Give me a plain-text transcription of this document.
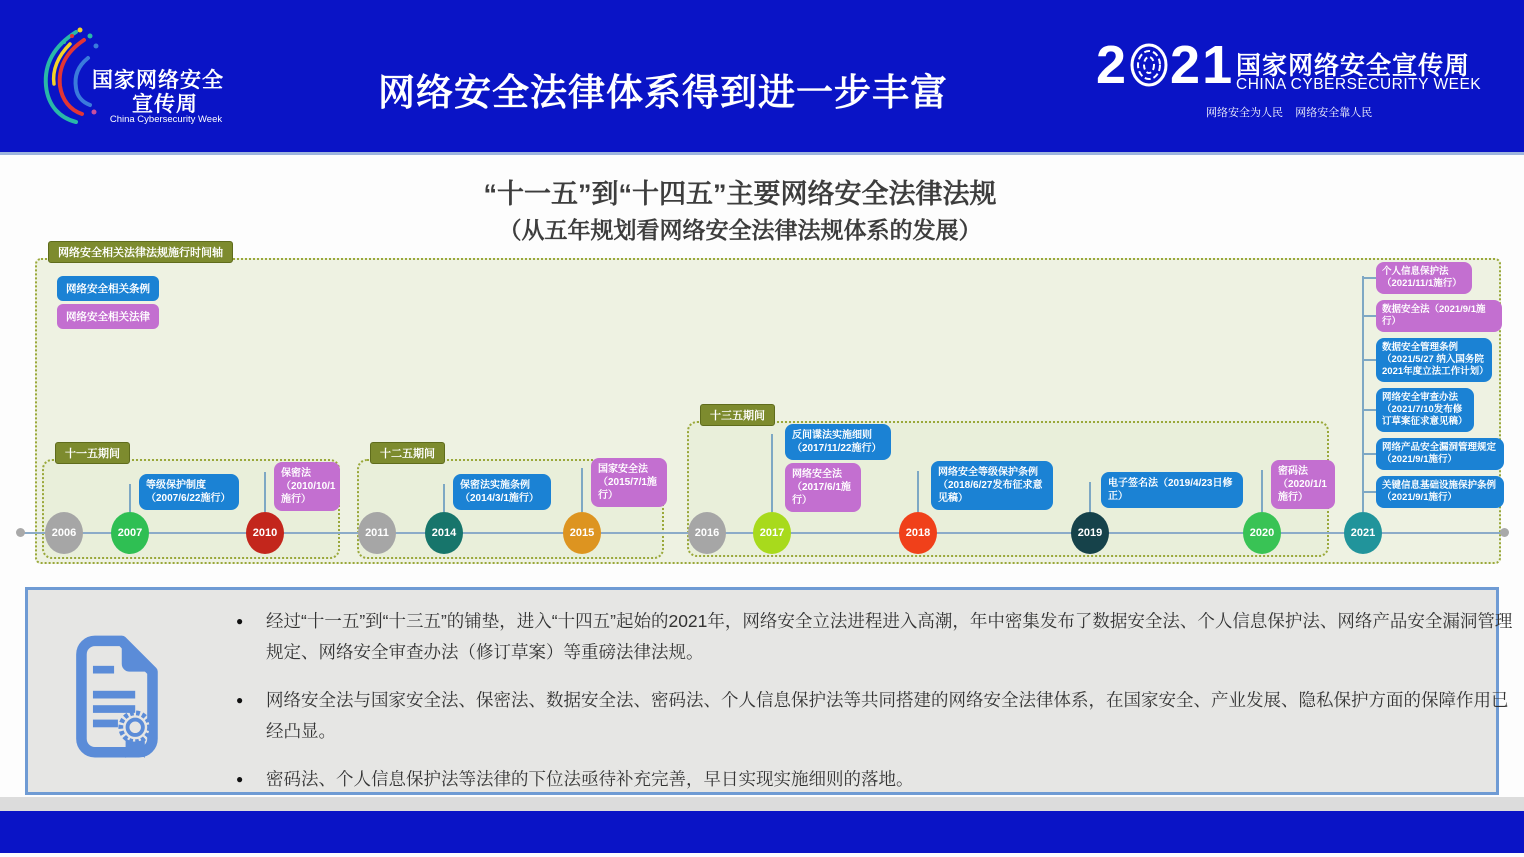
国家网络安全
宣传周
China Cybersecurity Week
网络安全法律体系得到进一步丰富	2 21 国家网络安全宣传周
CHINA CYBERSECURITY WEEK
网络安全为人民    网络安全靠人民
“十一五”到“十四五”主要网络安全法律法规
（从五年规划看网络安全法律法规体系的发展）
网络安全相关法律法规施行时间轴
网络安全相关条例
网络安全相关法律
十一五期间	十二五期间
十三五期间
等级保护制度（2007/6/22施行）
保密法（2010/10/1施行）
保密法实施条例（2014/3/1施行）
国家安全法（2015/7/1施行）
反间谍法实施细则（2017/11/22施行）
网络安全法（2017/6/1施行）
网络安全等级保护条例（2018/6/27发布征求意见稿）
电子签名法（2019/4/23日修正）
密码法（2020/1/1施行）
2006	2007	2010	2011	2014	2015	2016	2017	2018	2019	2020	2021
个人信息保护法（2021/11/1施行）
数据安全法（2021/9/1施行）
数据安全管理条例（2021/5/27 纳入国务院2021年度立法工作计划）
网络安全审查办法（2021/7/10发布修订草案征求意见稿）
网络产品安全漏洞管理规定（2021/9/1施行）
关键信息基础设施保护条例（2021/9/1施行）
● 经过“十一五”到“十三五”的铺垫，进入“十四五”起始的2021年，网络安全立法进程进入高潮，年中密集发布了数据安全法、个人信息保护法、网络产品安全漏洞管理规定、网络安全审查办法（修订草案）等重磅法律法规。
● 网络安全法与国家安全法、保密法、数据安全法、密码法、个人信息保护法等共同搭建的网络安全法律体系，在国家安全、产业发展、隐私保护方面的保障作用已经凸显。
● 密码法、个人信息保护法等法律的下位法亟待补充完善，早日实现实施细则的落地。
